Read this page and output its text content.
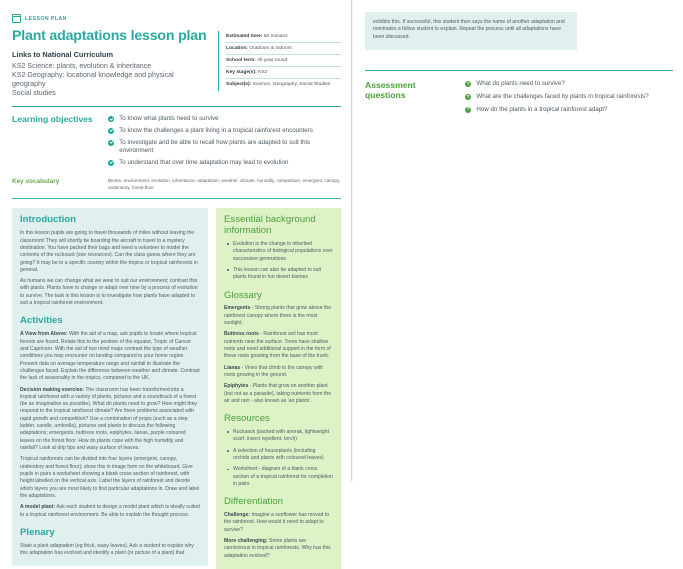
LESSON PLAN
Plant adaptations lesson plan
Links to National Curriculum
KS2 Science: plants, evolution & inheritance
KS2 Geography: locational knowledge and physical geography
Social studies
Estimated time: 60 minutes
Location: Outdoors & Indoors
School term: All year round
Key stage(s): KS2
Subject(s): Science, Geography, Social Studies
Learning objectives	To know what plants need to survive
To know the challenges a plant living in a tropical rainforest encounters
To investigate and be able to recall how plants are adapted to suit this environment
To understand that over time adaptation may lead to evolution
Key vocabulary	Biome, environment, evolution, inheritance, adaptation, weather, climate, humidity, competition, emergent, canopy, understory, forest-floor
Introduction

In this lesson pupils are going to travel thousands of miles without leaving the classroom! They will shortly be boarding the aircraft to travel to a mystery destination. You have packed their bags and need a volunteer to model the contents of the rucksack (see resources). Can the class guess where they are going? It may be to a specific country within the tropics or tropical rainforests in general.

As humans we can change what we wear to suit our environment; contrast this with plants. Plants have to change or adapt over time by a process of evolution to survive. The task in this lesson is to investigate how plants have adapted to suit a tropical rainforest environment.

Activities

A View from Above: With the aid of a map, ask pupils to locate where tropical forests are found. Relate this to the position of the equator, Tropic of Cancer and Capricorn. With the aid of two mind maps contrast the type of weather conditions you may encounter on landing compared to your home region. Present data on average temperature range and rainfall to illustrate the challenges faced. Explain the difference between weather and climate. Contrast the lack of seasonality in the tropics, compared to the UK.

Decision making exercise: The classroom has been transformed into a tropical rainforest with a variety of plants, pictures and a soundtrack of a forest (be as imaginative as possible). What do plants need to grow? How might they respond to the tropical rainforest climate? Are there problems associated with rapid growth and competition? Use a combination of props (such as a step ladder, candle, umbrella), pictures and plants to discuss the following adaptations; emergents, buttress roots, epiphytes, lianas, purple coloured leaves on the forest floor. How do plants cope with the high humidity and rainfall? Look at drip tips and waxy surface of leaves.

Tropical rainforests can be divided into four layers (emergent, canopy, understory and forest floor); show this in image form on the whiteboard. Give pupils in pairs a worksheet showing a blank cross section of rainforest, with height labelled on the vertical axis. Label the layers of rainforest and decide which layers you are most likely to find particular adaptations in. Draw and label the adaptations.

A model plant: Ask each student to design a model plant which is ideally suited to a tropical rainforest environment. Be able to explain the thought process.

Plenary

State a plant adaptation (eg thick, waxy leaves). Ask a student to explain why this adaptation has evolved and identify a plant (or picture of a plant) that

Essential background information
Evolution is the change in inherited characteristics of biological populations over successive generations
This lesson can also be adapted to suit plants found in hot desert biomes
Glossary

Emergents - Strong plants that grow above the rainforest canopy where there is the most sunlight.

Buttress roots - Rainforest soil has most nutrients near the surface. Trees have shallow roots and need additional support in the form of these roots growing from the base of the trunk.

Lianas - Vines that climb to the canopy with roots growing in the ground.

Epiphytes - Plants that grow on another plant (but not as a parasite), taking nutrients from the air and rain - also known as 'air plants'.

Resources
Rucksack (packed with anorak, lightweight scarf, insect repellent, torch)
A selection of houseplants (including orchids and plants with coloured leaves)
Worksheet - diagram of a blank cross section of a tropical rainforest for completion in pairs
Differentiation

Challenge: Imagine a sunflower has moved to the rainforest. How would it need to adapt to survive?

More challenging: Some plants are carnivorous in tropical rainforests. Why has this adaptation evolved?

exhibits this. If successful, this student then says the name of another adaptation and nominates a fellow student to explain. Repeat the process until all adaptations have been discussed.

Assessment questions
? What do plants need to survive?
? What are the challenges faced by plants in tropical rainforests?
? How do the plants in a tropical rainforest adapt?
